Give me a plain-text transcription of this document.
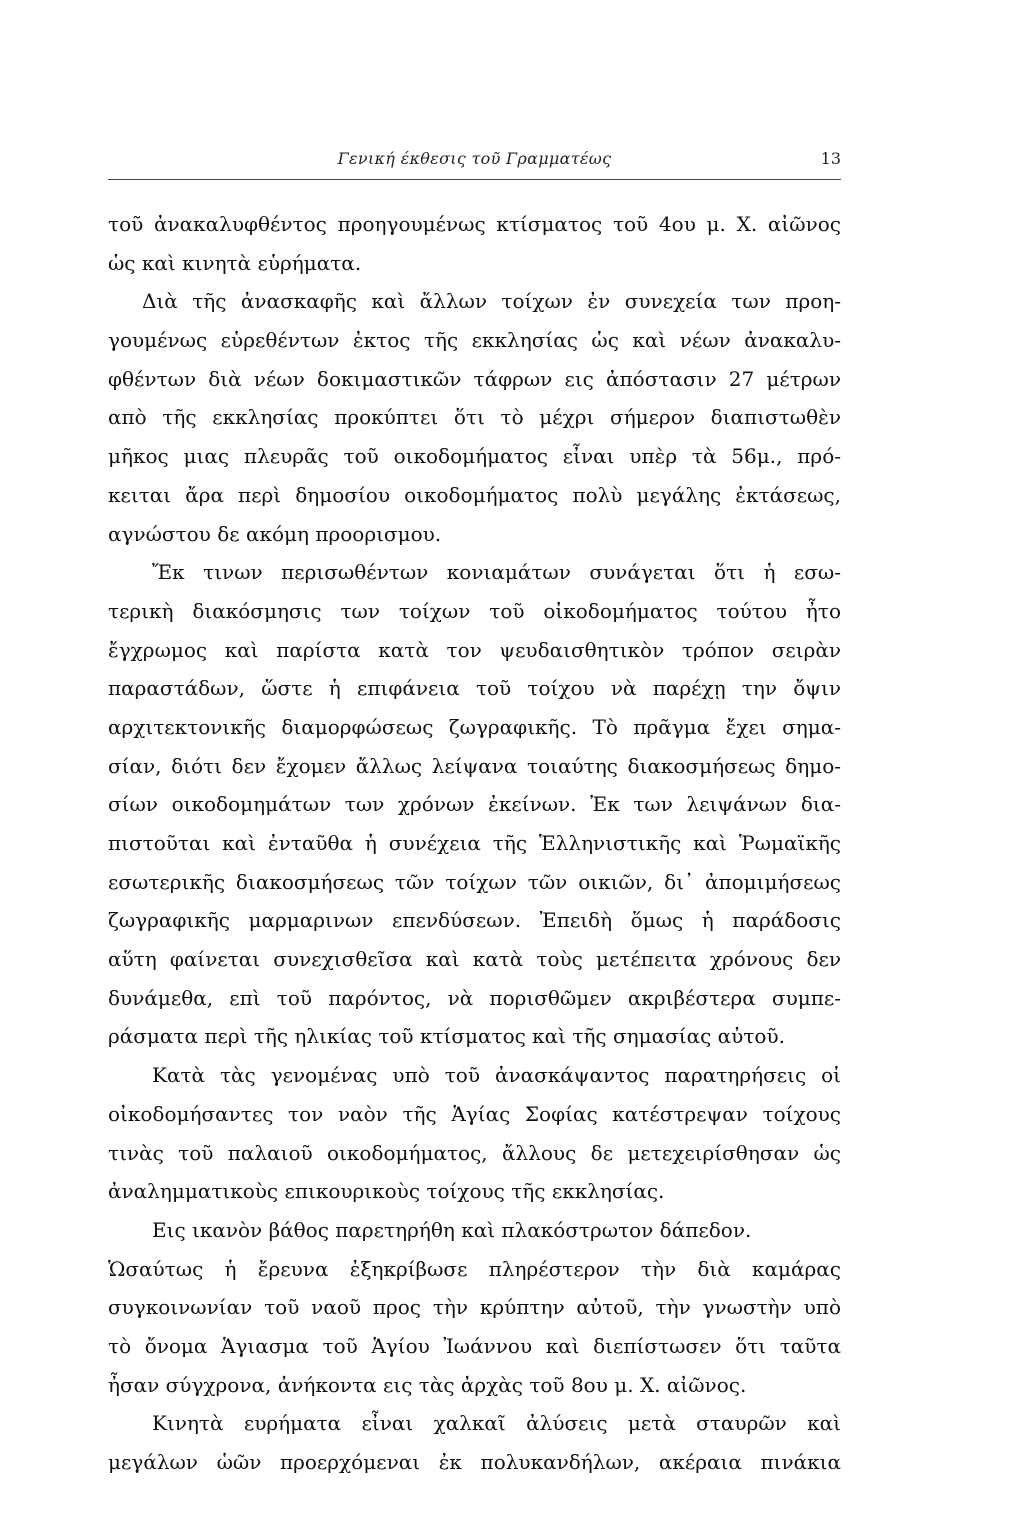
Γενική έκθεσις τοῦ Γραμματέως	13
τοῦ ἀνακαλυφθέντος προηγουμένως κτίσματος τοῦ 4ου μ. Χ. αἰῶνος
ὡς καὶ κινητὰ εὑρήματα.
Διὰ τῆς ἀνασκαφῆς καὶ ἄλλων τοίχων ἐν συνεχεία των προη-
γουμένως εὑρεθέντων ἐκτος τῆς εκκλησίας ὡς καὶ νέων ἀνακαλυ-
φθέντων διὰ νέων δοκιμαστικῶν τάφρων εις ἀπόστασιν 27 μέτρων
απὸ τῆς εκκλησίας προκύπτει ὅτι τὸ μέχρι σήμερον διαπιστωθὲν
μῆκος μιας πλευρᾶς τοῦ οικοδομήματος εἶναι υπὲρ τὰ 56μ., πρό-
κειται ἄρα περὶ δημοσίου οικοδομήματος πολὺ μεγάλης ἐκτάσεως,
αγνώστου δε ακόμη προορισμου.
Ἔκ τινων περισωθέντων κονιαμάτων συνάγεται ὅτι ἡ εσω-
τερικὴ διακόσμησις των τοίχων τοῦ οἰκοδομήματος τούτου ἦτο
ἔγχρωμος καὶ παρίστα κατὰ τον ψευδαισθητικὸν τρόπον σειρὰν
παραστάδων, ὥστε ἡ επιφάνεια τοῦ τοίχου νὰ παρέχῃ την ὄψιν
αρχιτεκτονικῆς διαμορφώσεως ζωγραφικῆς. Τὸ πρᾶγμα ἔχει σημα-
σίαν, διότι δεν ἔχομεν ἄλλως λείψανα τοιαύτης διακοσμήσεως δημο-
σίων οικοδομημάτων των χρόνων ἐκείνων. Ἐκ των λειψάνων δια-
πιστοῦται καὶ ἐνταῦθα ἡ συνέχεια τῆς Ἑλληνιστικῆς καὶ Ῥωμαϊκῆς
εσωτερικῆς διακοσμήσεως τῶν τοίχων τῶν οικιῶν, δι᾽ ἀπομιμήσεως
ζωγραφικῆς μαρμαρινων επενδύσεων. Ἐπειδὴ ὅμως ἡ παράδοσις
αὕτη φαίνεται συνεχισθεῖσα καὶ κατὰ τοὺς μετέπειτα χρόνους δεν
δυνάμεθα, επὶ τοῦ παρόντος, νὰ πορισθῶμεν ακριβέστερα συμπε-
ράσματα περὶ τῆς ηλικίας τοῦ κτίσματος καὶ τῆς σημασίας αὐτοῦ.
Κατὰ τὰς γενομένας υπὸ τοῦ ἀνασκάψαντος παρατηρήσεις οἱ
οἰκοδομήσαντες τον ναὸν τῆς Ἁγίας Σοφίας κατέστρεψαν τοίχους
τινὰς τοῦ παλαιοῦ οικοδομήματος, ἄλλους δε μετεχειρίσθησαν ὡς
ἀναλημματικοὺς επικουρικοὺς τοίχους τῆς εκκλησίας.
Εις ικανὸν βάθος παρετηρήθη καὶ πλακόστρωτον δάπεδον.
Ὡσαύτως ἡ ἔρευνα ἐξηκρίβωσε πληρέστερον τὴν διὰ καμάρας
συγκοινωνίαν τοῦ ναοῦ προς τὴν κρύπτην αὐτοῦ, τὴν γνωστὴν υπὸ
τὸ ὄνομα Ἁγιασμα τοῦ Ἁγίου Ἰωάννου καὶ διεπίστωσεν ὅτι ταῦτα
ἦσαν σύγχρονα, ἀνήκοντα εις τὰς ἀρχὰς τοῦ 8ου μ. Χ. αἰῶνος.
Κινητὰ ευρήματα εἶναι χαλκαῖ ἀλύσεις μετὰ σταυρῶν καὶ
μεγάλων ὡῶν προερχόμεναι ἐκ πολυκανδήλων, ακέραια πινάκια
